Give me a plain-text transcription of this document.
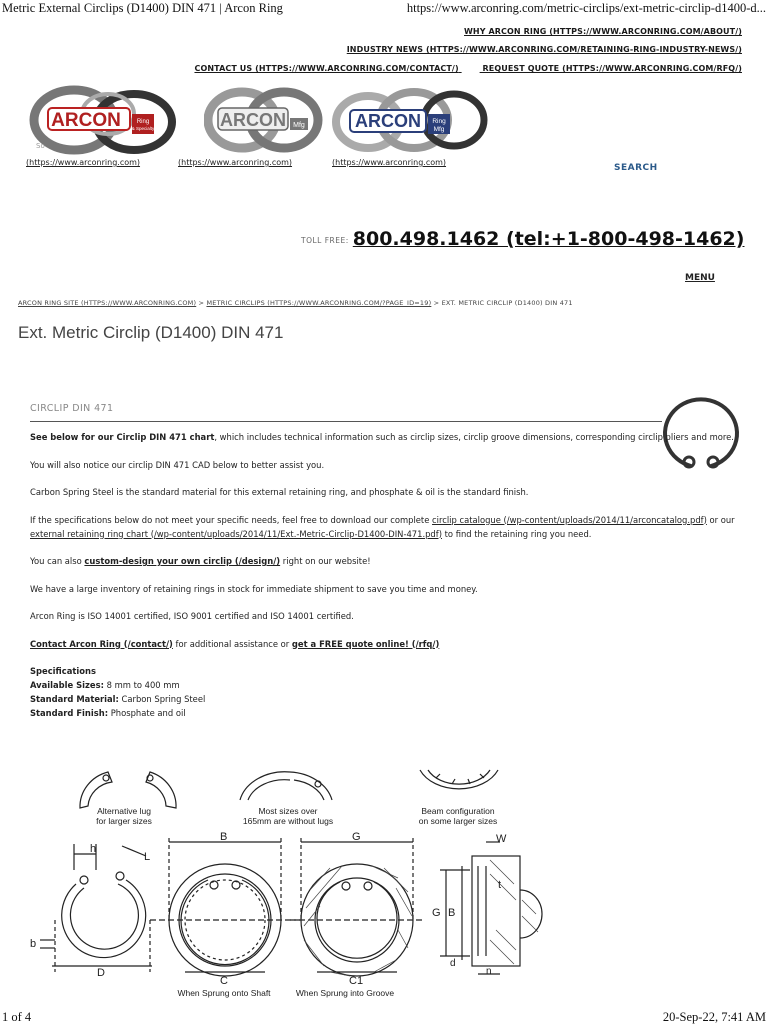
Metric External Circlips (D1400) DIN 471 | Arcon Ring	https://www.arconring.com/metric-circlips/ext-metric-circlip-d1400-d...
WHY ARCON RING (HTTPS://WWW.ARCONRING.COM/ABOUT/)
INDUSTRY NEWS (HTTPS://WWW.ARCONRING.COM/RETAINING-RING-INDUSTRY-NEWS/)
CONTACT US (HTTPS://WWW.ARCONRING.COM/CONTACT/)	REQUEST QUOTE (HTTPS://WWW.ARCONRING.COM/RFQ/)
ARCON	Ring
& Specialty
So
(https://www.arconring.com)
ARCON Mfg
(https://www.arconring.com)
ARCON Ring
Mfg
(https://www.arconring.com)
SEARCH
TOLL FREE: 800.498.1462 (tel:+1-800-498-1462)
MENU
ARCON RING SITE (HTTPS://WWW.ARCONRING.COM) > METRIC CIRCLIPS (HTTPS://WWW.ARCONRING.COM/?PAGE_ID=19) > EXT. METRIC CIRCLIP (D1400) DIN 471
Ext. Metric Circlip (D1400) DIN 471
CIRCLIP DIN 471

See below for our Circlip DIN 471 chart, which includes technical information such as circlip sizes, circlip groove dimensions, corresponding circlip pliers and more.

You will also notice our circlip DIN 471 CAD below to better assist you.

Carbon Spring Steel is the standard material for this external retaining ring, and phosphate & oil is the standard finish.

If the specifications below do not meet your specific needs, feel free to download our complete circlip catalogue (/wp-content/uploads/2014/11/arconcatalog.pdf) or our external retaining ring chart (/wp-content/uploads/2014/11/Ext.-Metric-Circlip-D1400-DIN-471.pdf) to find the retaining ring you need.

You can also custom-design your own circlip (/design/) right on our website!

We have a large inventory of retaining rings in stock for immediate shipment to save you time and money.

Arcon Ring is ISO 14001 certified, ISO 9001 certified and ISO 14001 certified.

Contact Arcon Ring (/contact/) for additional assistance or get a FREE quote online! (/rfq/)

Specifications
Available Sizes: 8 mm to 400 mm
Standard Material: Carbon Spring Steel
Standard Finish: Phosphate and oil
Alternative lug
for larger sizes
Most sizes over
165mm are without lugs
Beam configuration
on some larger sizes
h
L
b
D
B
C
G
C1
W
t
G B
d
n
When Sprung onto Shaft	When Sprung into Groove
1 of 4	20-Sep-22, 7:41 AM
